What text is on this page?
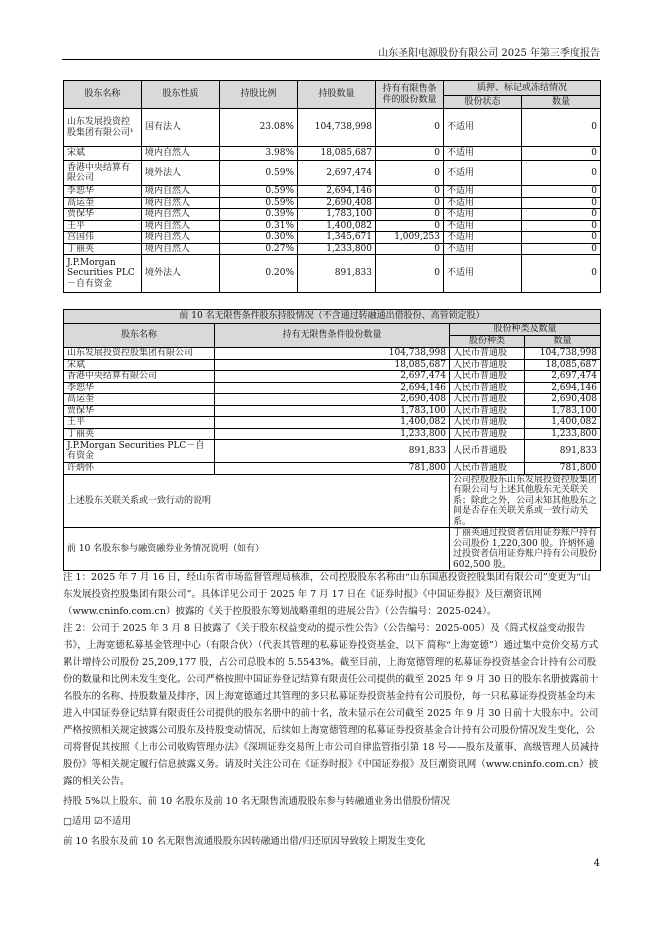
山东圣阳电源股份有限公司 2025 年第三季度报告
股东名称	股东性质	持股比例	持股数量	持有有限售条件的股份数量	质押、标记或冻结情况	
					股份状态	数量
山东发展投资控股集团有限公司¹	国有法人	23.08%	104,738,998	0	不适用	0
宋斌	境内自然人	3.98%	18,085,687	0	不适用	0
香港中央结算有限公司	境外法人	0.59%	2,697,474	0	不适用	0
李恕华	境内自然人	0.59%	2,694,146	0	不适用	0
高运奎	境内自然人	0.59%	2,690,408	0	不适用	0
贾保华	境内自然人	0.39%	1,783,100	0	不适用	0
王平	境内自然人	0.31%	1,400,082	0	不适用	0
宫国伟	境内自然人	0.30%	1,345,671	1,009,253	不适用	0
丁丽英	境内自然人	0.27%	1,233,800	0	不适用	0
J.P.Morgan Securities PLC－自有资金	境外法人	0.20%	891,833	0	不适用	0
前 10 名无限售条件股东持股情况（不含通过转融通出借股份、高管锁定股）			
股东名称	持有无限售条件股份数量	股份种类及数量	
		股份种类	数量
山东发展投资控股集团有限公司	104,738,998	人民币普通股	104,738,998
宋斌	18,085,687	人民币普通股	18,085,687
香港中央结算有限公司	2,697,474	人民币普通股	2,697,474
李恕华	2,694,146	人民币普通股	2,694,146
高运奎	2,690,408	人民币普通股	2,690,408
贾保华	1,783,100	人民币普通股	1,783,100
王平	1,400,082	人民币普通股	1,400,082
丁丽英	1,233,800	人民币普通股	1,233,800
J.P.Morgan Securities PLC－自有资金	891,833	人民币普通股	891,833
许炳怀	781,800	人民币普通股	781,800
上述股东关联关系或一致行动的说明		公司控股股东山东发展投资控股集团有限公司与上述其他股东无关联关系；除此之外，公司未知其他股东之间是否存在关联关系或一致行动关系。	
前 10 名股东参与融资融券业务情况说明（如有）		丁丽英通过投资者信用证券账户持有公司股份 1,220,300 股。许炳怀通过投资者信用证券账户持有公司股份 602,500 股。	

注 1：2025 年 7 月 16 日，经山东省市场监督管理局核准，公司控股股东名称由“山东国惠投资控股集团有限公司”变更为“山东发展投资控股集团有限公司”。具体详见公司于 2025 年 7 月 17 日在《证券时报》《中国证券报》及巨潮资讯网（www.cninfo.com.cn）披露的《关于控股股东筹划战略重组的进展公告》（公告编号：2025-024）。

注 2：公司于 2025 年 3 月 8 日披露了《关于股东权益变动的提示性公告》（公告编号：2025-005）及《简式权益变动报告书》，上海宽德私募基金管理中心（有限合伙）（代表其管理的私募证券投资基金，以下 简称“上海宽德”）通过集中竞价交易方式累计增持公司股份 25,209,177 股，占公司总股本的 5.5543%。截至目前，上海宽德管理的私募证券投资基金合计持有公司股份的数量和比例未发生变化。公司严格按照中国证券登记结算有限责任公司提供的截至 2025 年 9 月 30 日的股东名册披露前十名股东的名称、持股数量及排序，因上海宽德通过其管理的多只私募证券投资基金持有公司股份，每一只私募证券投资基金均未进入中国证券登记结算有限责任公司提供的股东名册中的前十名，故未显示在公司截至 2025 年 9 月 30 日前十大股东中。公司严格按照相关规定披露公司股东及持股变动情况，后续如上海宽德管理的私募证券投资基金合计持有公司股份情况发生变化，公司将督促其按照《上市公司收购管理办法》《深圳证券交易所上市公司自律监管指引第 18 号——股东及董事、高级管理人员减持股份》等相关规定履行信息披露义务。请及时关注公司在《证券时报》《中国证券报》及巨潮资讯网（www.cninfo.com.cn）披露的相关公告。

持股 5%以上股东、前 10 名股东及前 10 名无限售流通股股东参与转融通业务出借股份情况

□适用 ☑不适用

前 10 名股东及前 10 名无限售流通股股东因转融通出借/归还原因导致较上期发生变化

4
